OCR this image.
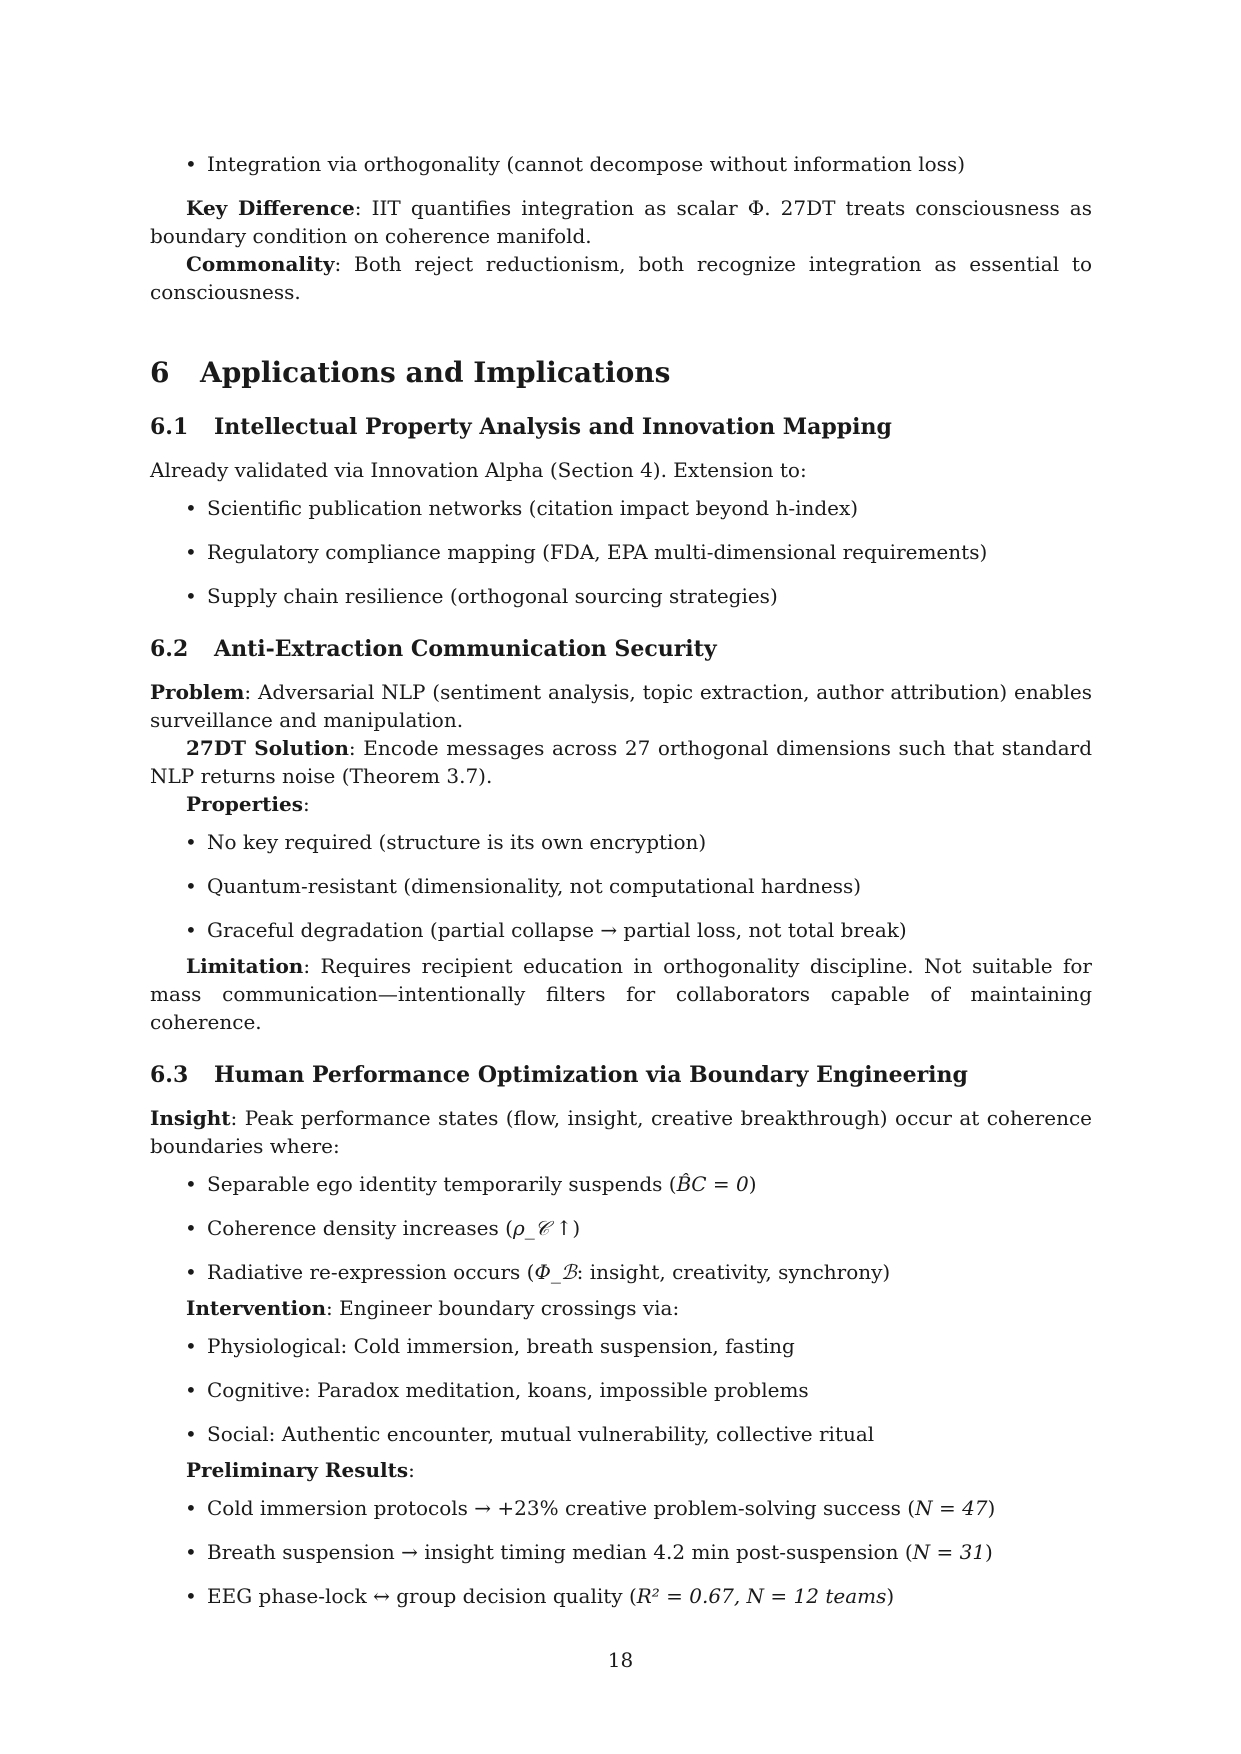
• Integration via orthogonality (cannot decompose without information loss)

Key Difference: IIT quantifies integration as scalar Φ. 27DT treats consciousness as boundary condition on coherence manifold.

Commonality: Both reject reductionism, both recognize integration as essential to consciousness.

6 Applications and Implications
6.1 Intellectual Property Analysis and Innovation Mapping

Already validated via Innovation Alpha (Section 4). Extension to:

• Scientific publication networks (citation impact beyond h-index)
• Regulatory compliance mapping (FDA, EPA multi-dimensional requirements)
• Supply chain resilience (orthogonal sourcing strategies)
6.2 Anti-Extraction Communication Security

Problem: Adversarial NLP (sentiment analysis, topic extraction, author attribution) enables surveillance and manipulation.

27DT Solution: Encode messages across 27 orthogonal dimensions such that standard NLP returns noise (Theorem 3.7).

Properties:

• No key required (structure is its own encryption)
• Quantum-resistant (dimensionality, not computational hardness)
• Graceful degradation (partial collapse → partial loss, not total break)

Limitation: Requires recipient education in orthogonality discipline. Not suitable for mass communication—intentionally filters for collaborators capable of maintaining coherence.

6.3 Human Performance Optimization via Boundary Engineering

Insight: Peak performance states (flow, insight, creative breakthrough) occur at coherence boundaries where:

• Separable ego identity temporarily suspends (B̂C = 0)
• Coherence density increases (ρ_𝒞 ↑)
• Radiative re-expression occurs (Φ_ℬ: insight, creativity, synchrony)

Intervention: Engineer boundary crossings via:

• Physiological: Cold immersion, breath suspension, fasting
• Cognitive: Paradox meditation, koans, impossible problems
• Social: Authentic encounter, mutual vulnerability, collective ritual

Preliminary Results:

• Cold immersion protocols → +23% creative problem-solving success (N = 47)
• Breath suspension → insight timing median 4.2 min post-suspension (N = 31)
• EEG phase-lock ↔ group decision quality (R² = 0.67, N = 12 teams)
18
